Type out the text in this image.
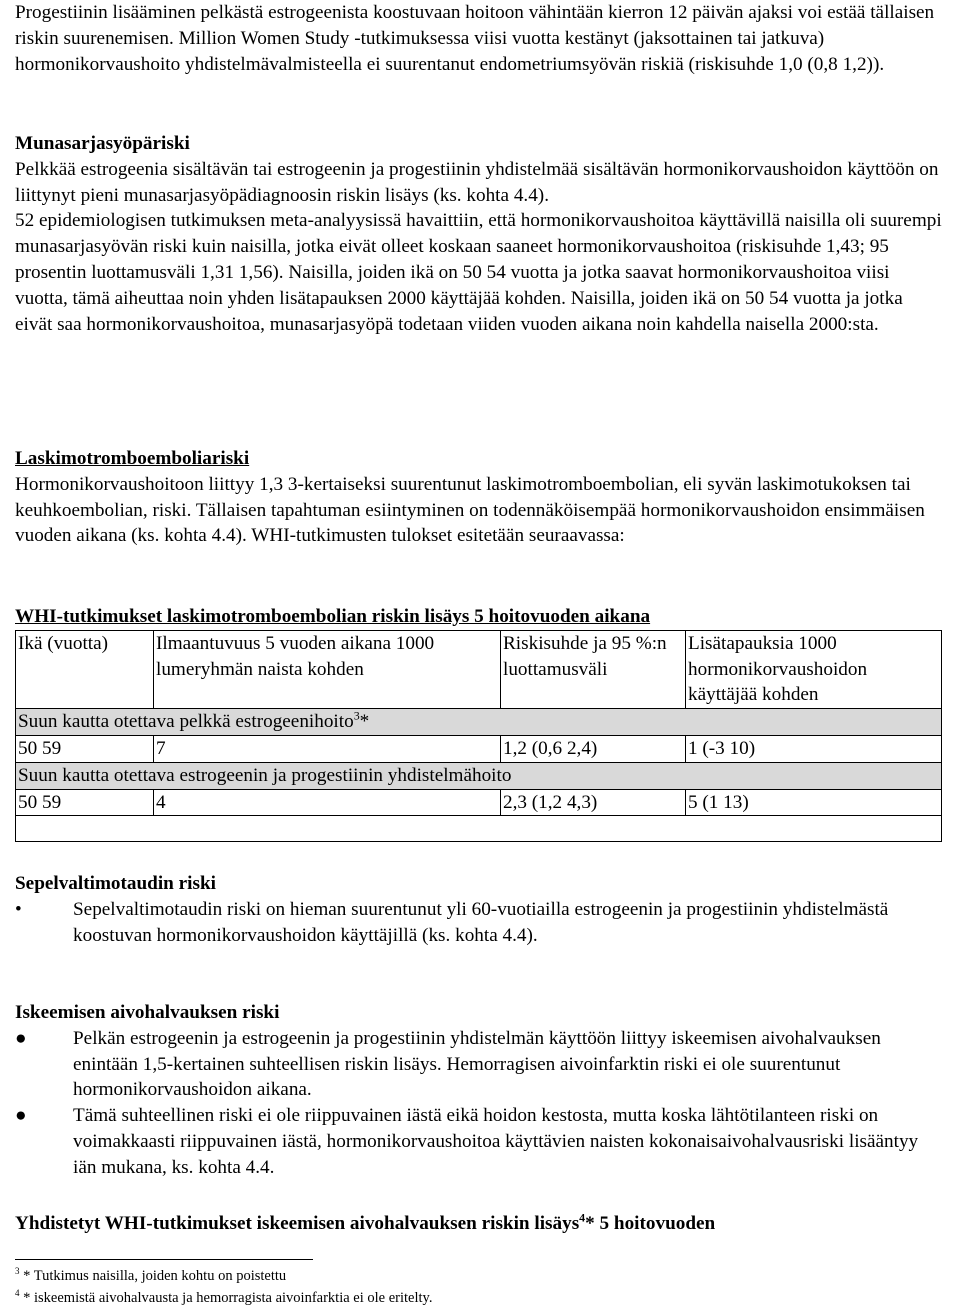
Progestiinin lisääminen pelkästä estrogeenista koostuvaan hoitoon vähintään kierron 12 päivän ajaksi voi estää tällaisen riskin suurenemisen. Million Women Study -tutkimuksessa viisi vuotta kestänyt (jaksottainen tai jatkuva) hormonikorvaushoito yhdistelmävalmisteella ei suurentanut endometriumsyövän riskiä (riskisuhde 1,0 (0,8 1,2)).

Munasarjasyöpäriski

Pelkkää estrogeenia sisältävän tai estrogeenin ja progestiinin yhdistelmää sisältävän hormonikorvaushoidon käyttöön on liittynyt pieni munasarjasyöpädiagnoosin riskin lisäys (ks. kohta 4.4).

52 epidemiologisen tutkimuksen meta-analyysissä havaittiin, että hormonikorvaushoitoa käyttävillä naisilla oli suurempi munasarjasyövän riski kuin naisilla, jotka eivät olleet koskaan saaneet hormonikorvaushoitoa (riskisuhde 1,43; 95 prosentin luottamusväli 1,31 1,56). Naisilla, joiden ikä on 50 54 vuotta ja jotka saavat hormonikorvaushoitoa viisi vuotta, tämä aiheuttaa noin yhden lisätapauksen 2000 käyttäjää kohden. Naisilla, joiden ikä on 50 54 vuotta ja jotka eivät saa hormonikorvaushoitoa, munasarjasyöpä todetaan viiden vuoden aikana noin kahdella naisella 2000:sta.

Laskimotromboemboliariski

Hormonikorvaushoitoon liittyy 1,3 3-kertaiseksi suurentunut laskimotromboembolian, eli syvän laskimotukoksen tai keuhkoembolian, riski. Tällaisen tapahtuman esiintyminen on todennäköisempää hormonikorvaushoidon ensimmäisen vuoden aikana (ks. kohta 4.4). WHI-tutkimusten tulokset esitetään seuraavassa:

WHI-tutkimukset laskimotromboembolian riskin lisäys 5 hoitovuoden aikana

Ikä (vuotta)	Ilmaantuvuus 5 vuoden aikana 1000 lumeryhmän naista kohden	Riskisuhde ja 95 %:n luottamusväli	Lisätapauksia 1000 hormonikorvaushoidon käyttäjää kohden
Suun kautta otettava pelkkä estrogeenihoito$^3$*			
50 59	7	1,2 (0,6 2,4)	1 (-3 10)
Suun kautta otettava estrogeenin ja progestiinin yhdistelmähoito			
50 59	4	2,3 (1,2 4,3)	5 (1 13)

Sepelvaltimotaudin riski

•	Sepelvaltimotaudin riski on hieman suurentunut yli 60-vuotiailla estrogeenin ja progestiinin yhdistelmästä koostuvan hormonikorvaushoidon käyttäjillä (ks. kohta 4.4).

Iskeemisen aivohalvauksen riski

● Pelkän estrogeenin ja estrogeenin ja progestiinin yhdistelmän käyttöön liittyy iskeemisen aivohalvauksen enintään 1,5-kertainen suhteellisen riskin lisäys. Hemorragisen aivoinfarktin riski ei ole suurentunut hormonikorvaushoidon aikana.
● Tämä suhteellinen riski ei ole riippuvainen iästä eikä hoidon kestosta, mutta koska lähtötilanteen riski on voimakkaasti riippuvainen iästä, hormonikorvaushoitoa käyttävien naisten kokonaisaivohalvausriski lisääntyy iän mukana, ks. kohta 4.4.

Yhdistetyt WHI-tutkimukset iskeemisen aivohalvauksen riskin lisäys$^4$* 5 hoitovuoden

$^3$ * Tutkimus naisilla, joiden kohtu on poistettu

$^4$ * iskeemistä aivohalvausta ja hemorragista aivoinfarktia ei ole eritelty.
